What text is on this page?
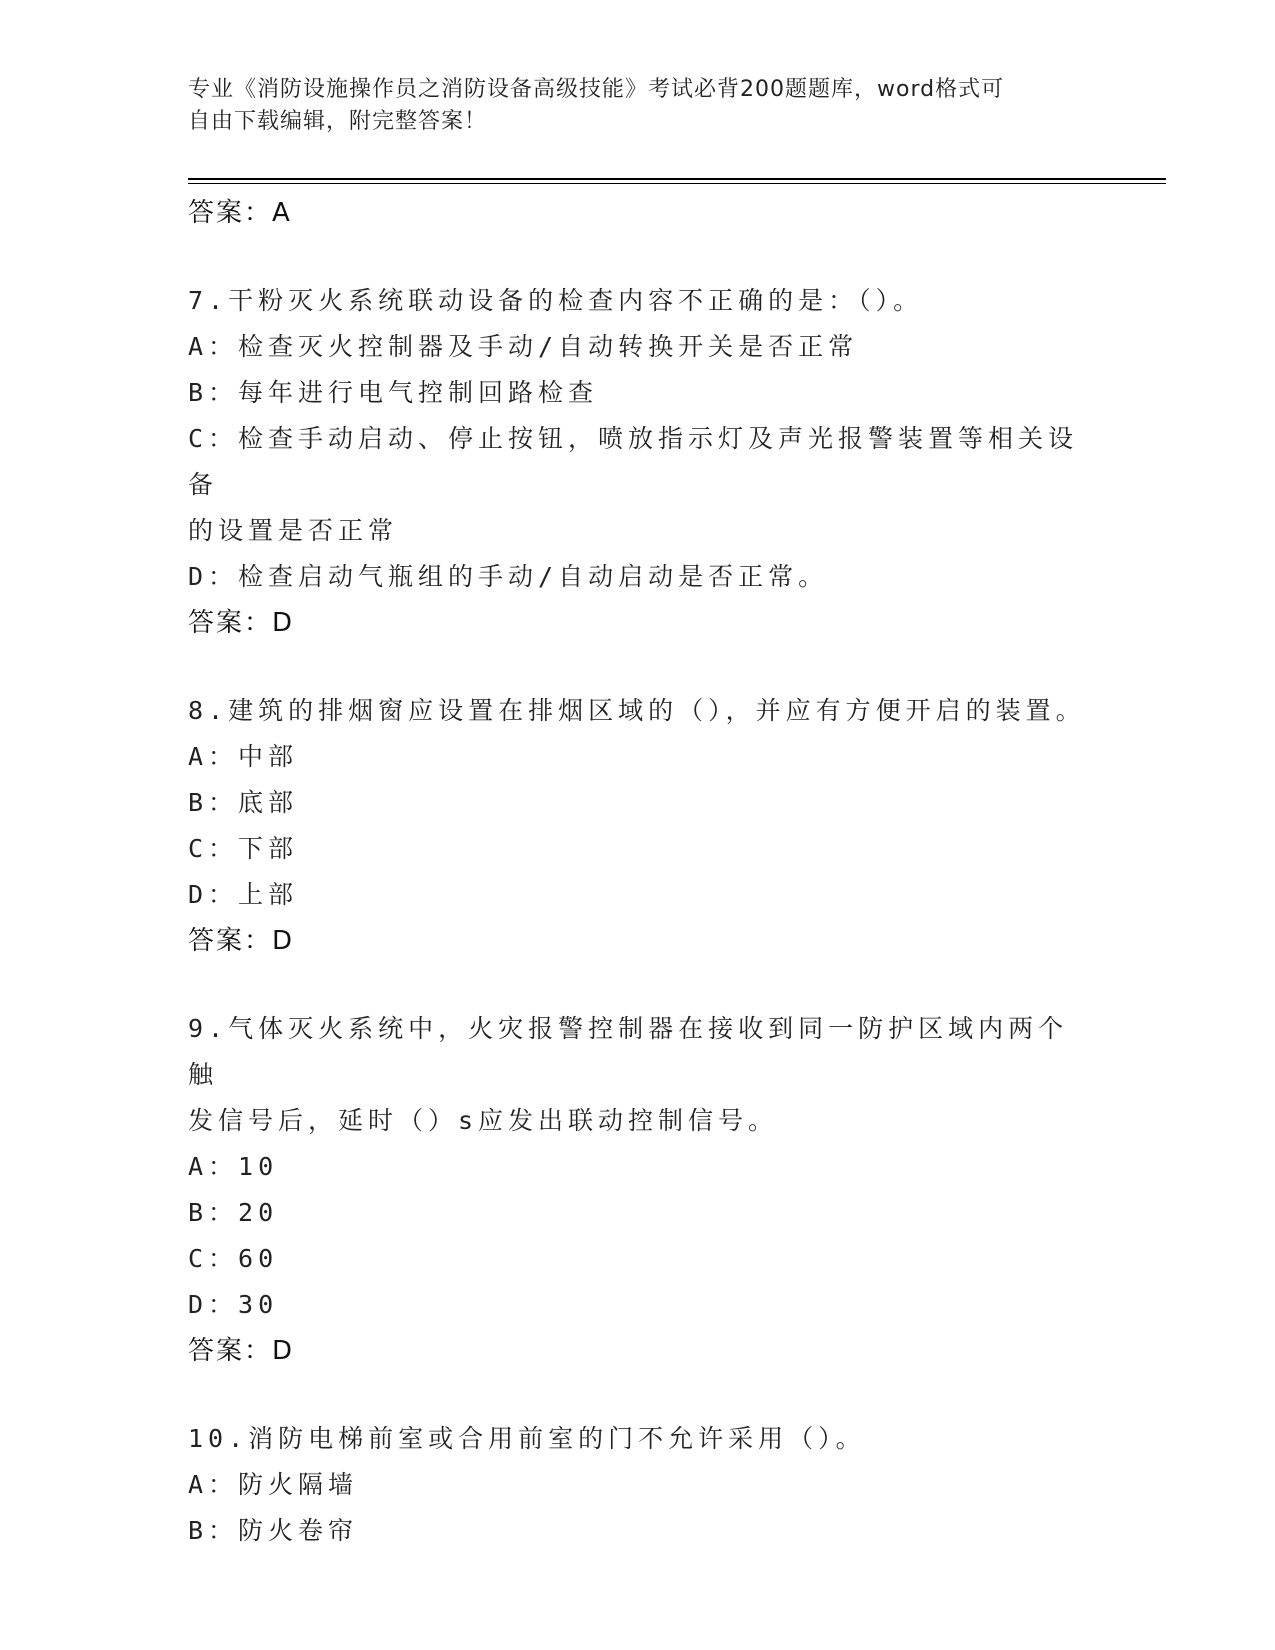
专业《消防设施操作员之消防设备高级技能》考试必背200题题库，word格式可
自由下载编辑，附完整答案！
答案：A
7.干粉灭火系统联动设备的检查内容不正确的是：（）。
A：检查灭火控制器及手动/自动转换开关是否正常
B：每年进行电气控制回路检查
C：检查手动启动、停止按钮，喷放指示灯及声光报警装置等相关设备
的设置是否正常
D：检查启动气瓶组的手动/自动启动是否正常。
答案：D
8.建筑的排烟窗应设置在排烟区域的（），并应有方便开启的装置。
A：中部
B：底部
C：下部
D：上部
答案：D
9.气体灭火系统中，火灾报警控制器在接收到同一防护区域内两个触
发信号后，延时（）s应发出联动控制信号。
A：10
B：20
C：60
D：30
答案：D
10.消防电梯前室或合用前室的门不允许采用（）。
A：防火隔墙
B：防火卷帘
